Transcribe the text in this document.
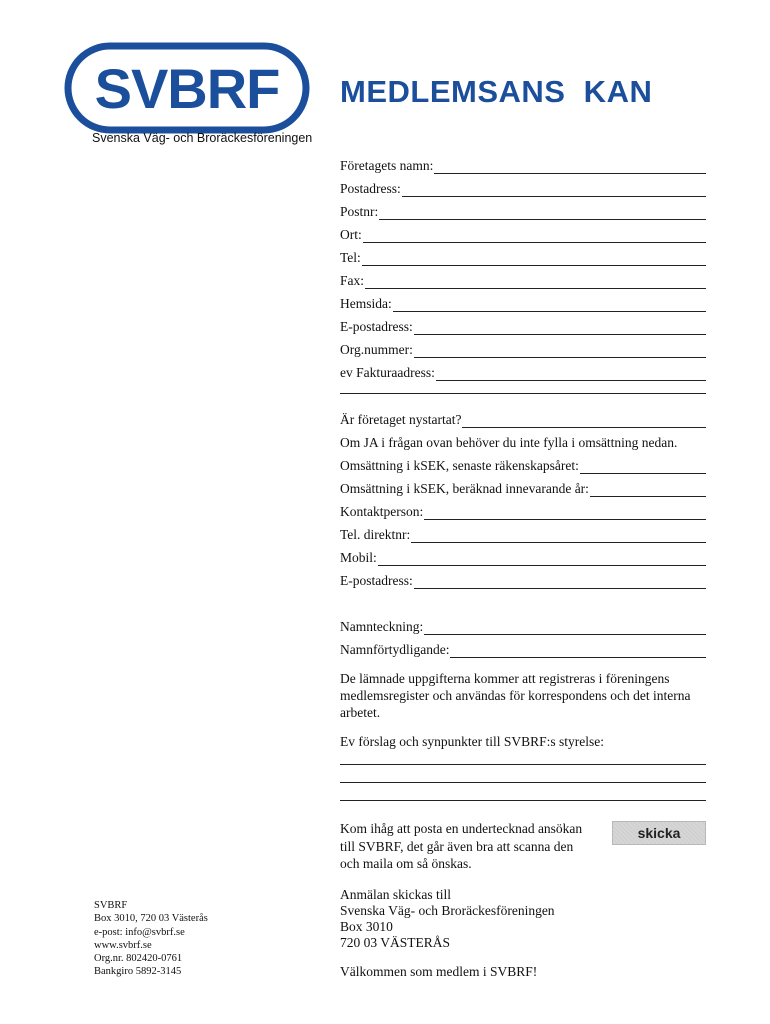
SVBRF
Svenska Väg- och Broräckesföreningen
MEDLEMSANS  KAN
Företagets namn:
Postadress:
Postnr:
Ort:
Tel:
Fax:
Hemsida:
E-postadress:
Org.nummer:
ev Fakturaadress:
Är företaget nystartat?
Om JA i frågan ovan behöver du inte fylla i omsättning nedan.
Omsättning i kSEK, senaste räkenskapsåret:
Omsättning i kSEK, beräknad innevarande år:
Kontaktperson:
Tel. direktnr:
Mobil:
E-postadress:
Namnteckning:
Namnförtydligande:
De lämnade uppgifterna kommer att registreras i föreningens medlemsregister och användas för korrespondens och det interna arbetet.
Ev förslag och synpunkter till SVBRF:s styrelse:
Kom ihåg att posta en undertecknad ansökan till SVBRF, det går även bra att scanna den och maila om så önskas.
skicka
Anmälan skickas till
Svenska Väg- och Broräckesföreningen
Box 3010
720 03 VÄSTERÅS
Välkommen som medlem i SVBRF!
SVBRF
Box 3010, 720 03 Västerås
e-post: info@svbrf.se
www.svbrf.se
Org.nr. 802420-0761
Bankgiro 5892-3145
